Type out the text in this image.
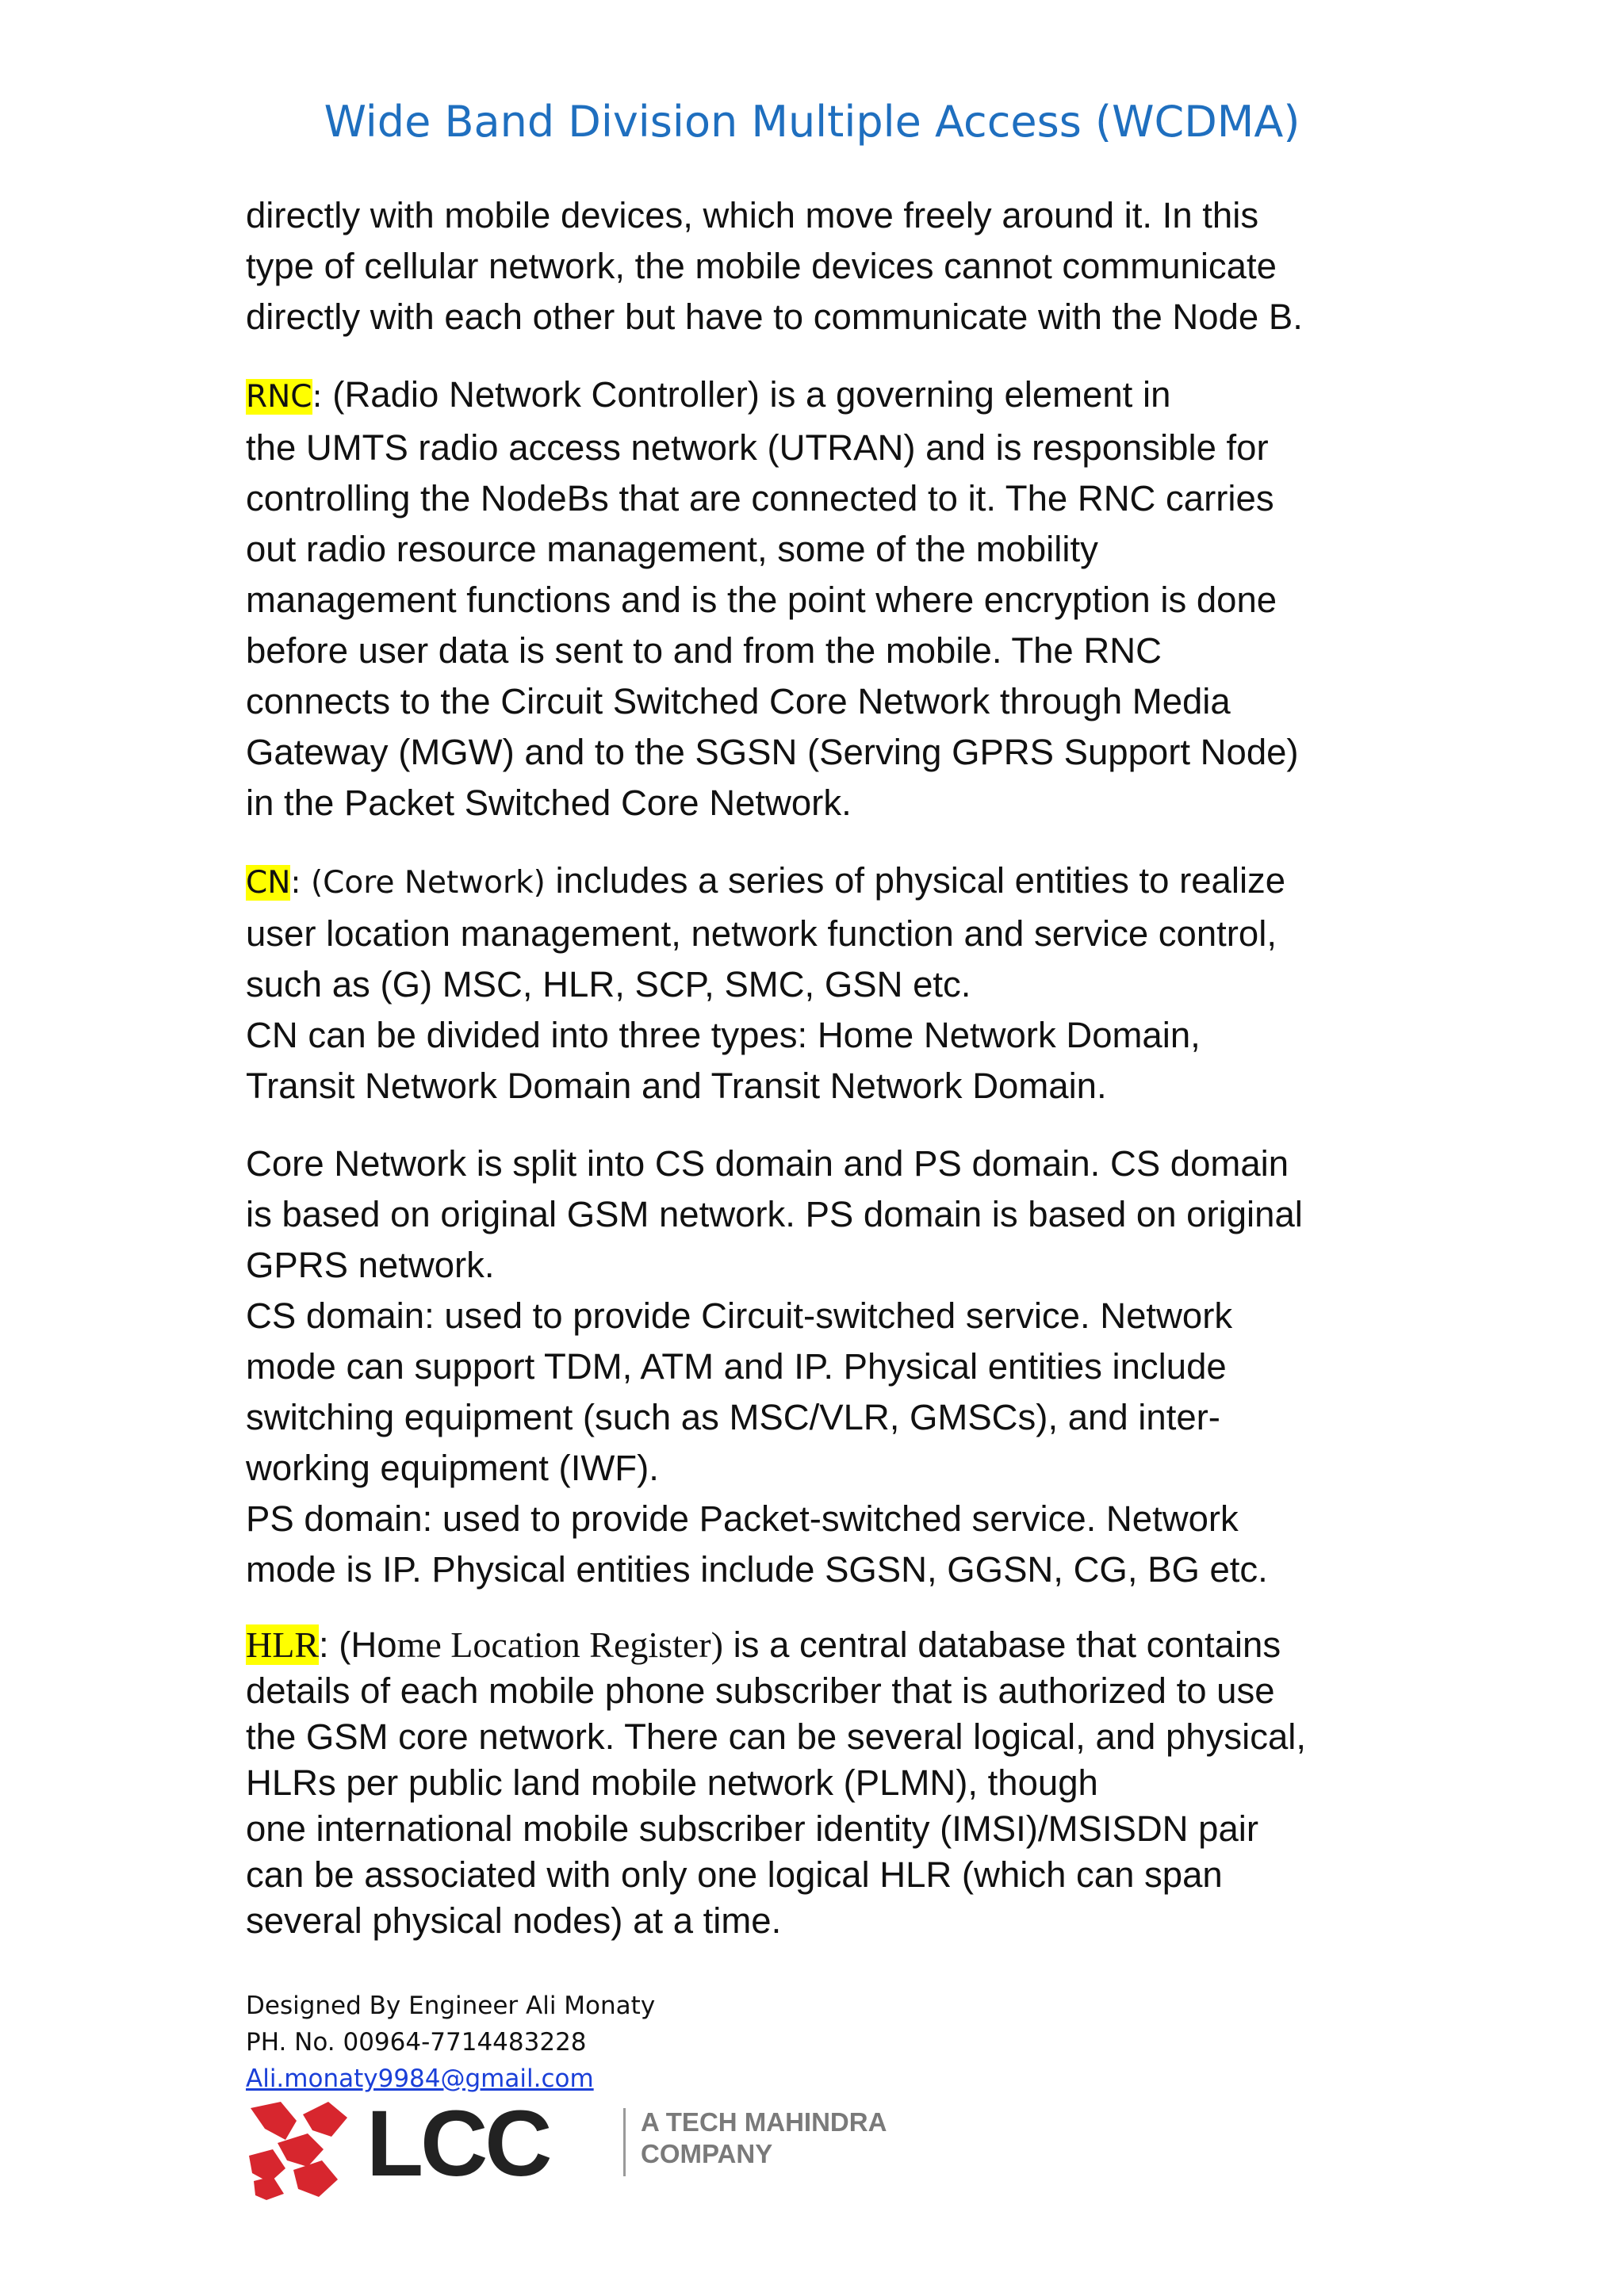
Wide Band Division Multiple Access (WCDMA)
directly with mobile devices, which move freely around it. In this
type of cellular network, the mobile devices cannot communicate
directly with each other but have to communicate with the Node B.
RNC: (Radio Network Controller) is a governing element in
the UMTS radio access network (UTRAN) and is responsible for
controlling the NodeBs that are connected to it. The RNC carries
out radio resource management, some of the mobility
management functions and is the point where encryption is done
before user data is sent to and from the mobile. The RNC
connects to the Circuit Switched Core Network through Media
Gateway (MGW) and to the SGSN (Serving GPRS Support Node)
in the Packet Switched Core Network.
CN: (Core Network) includes a series of physical entities to realize
user location management, network function and service control,
such as (G) MSC, HLR, SCP, SMC, GSN etc.
CN can be divided into three types: Home Network Domain,
Transit Network Domain and Transit Network Domain.
Core Network is split into CS domain and PS domain. CS domain
is based on original GSM network. PS domain is based on original
GPRS network.
CS domain: used to provide Circuit-switched service. Network
mode can support TDM, ATM and IP. Physical entities include
switching equipment (such as MSC/VLR, GMSCs), and inter-
working equipment (IWF).
PS domain: used to provide Packet-switched service. Network
mode is IP. Physical entities include SGSN, GGSN, CG, BG etc.
HLR: (Home Location Register) is a central database that contains
details of each mobile phone subscriber that is authorized to use
the GSM core network. There can be several logical, and physical,
HLRs per public land mobile network (PLMN), though
one international mobile subscriber identity (IMSI)/MSISDN pair
can be associated with only one logical HLR (which can span
several physical nodes) at a time.
Designed By Engineer Ali Monaty
PH. No. 00964-7714483228
Ali.monaty9984@gmail.com
LCC	A TECH MAHINDRA
COMPANY
